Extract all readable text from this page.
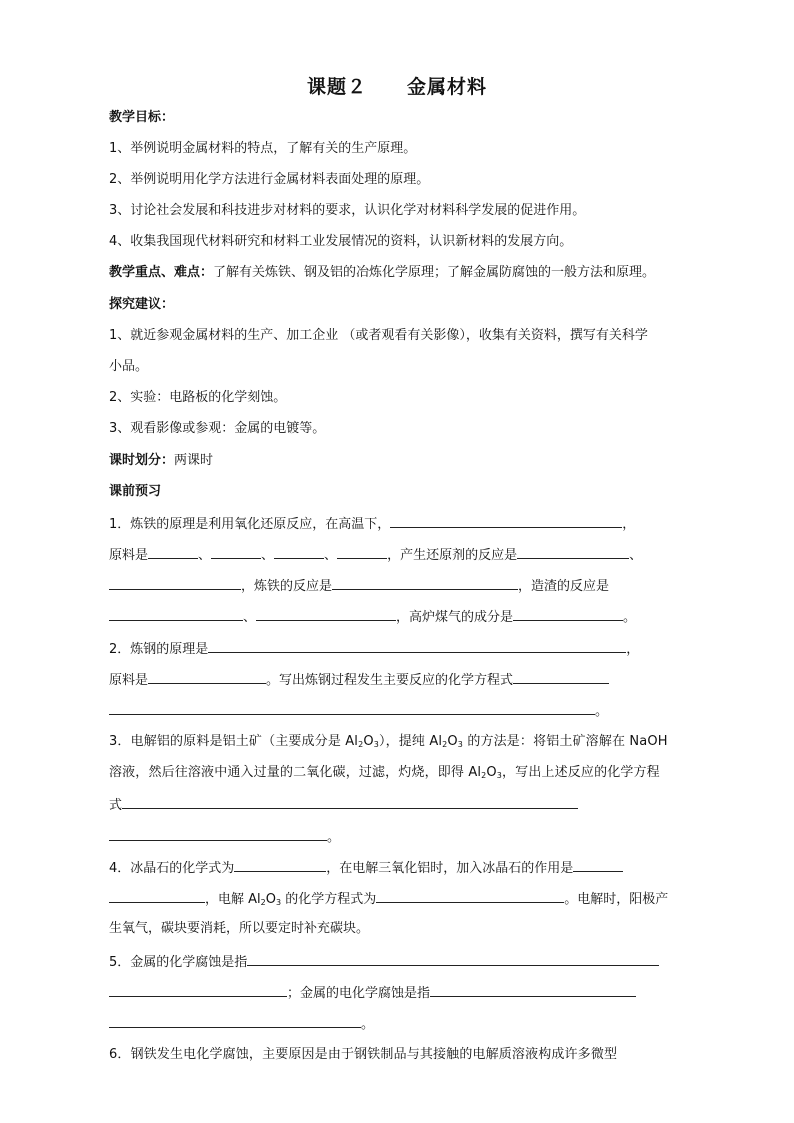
课题２ 金属材料
教学目标：
1、举例说明金属材料的特点，了解有关的生产原理。
2、举例说明用化学方法进行金属材料表面处理的原理。
3、讨论社会发展和科技进步对材料的要求，认识化学对材料科学发展的促进作用。
4、收集我国现代材料研究和材料工业发展情况的资料，认识新材料的发展方向。
教学重点、难点：了解有关炼铁、钢及铝的冶炼化学原理；了解金属防腐蚀的一般方法和原理。
探究建议：
1、就近参观金属材料的生产、加工企业 （或者观看有关影像），收集有关资料，撰写有关科学
小品。
2、实验：电路板的化学刻蚀。
3、观看影像或参观：金属的电镀等。
课时划分：两课时
课前预习
1．炼铁的原理是利用氧化还原反应，在高温下，	，
原料是	、	、	、	，产生还原剂的反应是	、
，炼铁的反应是	，造渣的反应是
、	，高炉煤气的成分是	。
2．炼钢的原理是	，
原料是	。写出炼钢过程发生主要反应的化学方程式
。
3．电解铝的原料是铝土矿（主要成分是 $Al_2O_3$），提纯 $Al_2O_3$ 的方法是：将铝土矿溶解在 NaOH
溶液，然后往溶液中通入过量的二氧化碳，过滤，灼烧，即得 $Al_2O_3$，写出上述反应的化学方程
式
。
4．冰晶石的化学式为	，在电解三氧化铝时，加入冰晶石的作用是
，电解 $Al_2O_3$ 的化学方程式为	。电解时，阳极产
生氧气，碳块要消耗，所以要定时补充碳块。
5．金属的化学腐蚀是指
；金属的电化学腐蚀是指
。
6．钢铁发生电化学腐蚀，主要原因是由于钢铁制品与其接触的电解质溶液构成许多微型
